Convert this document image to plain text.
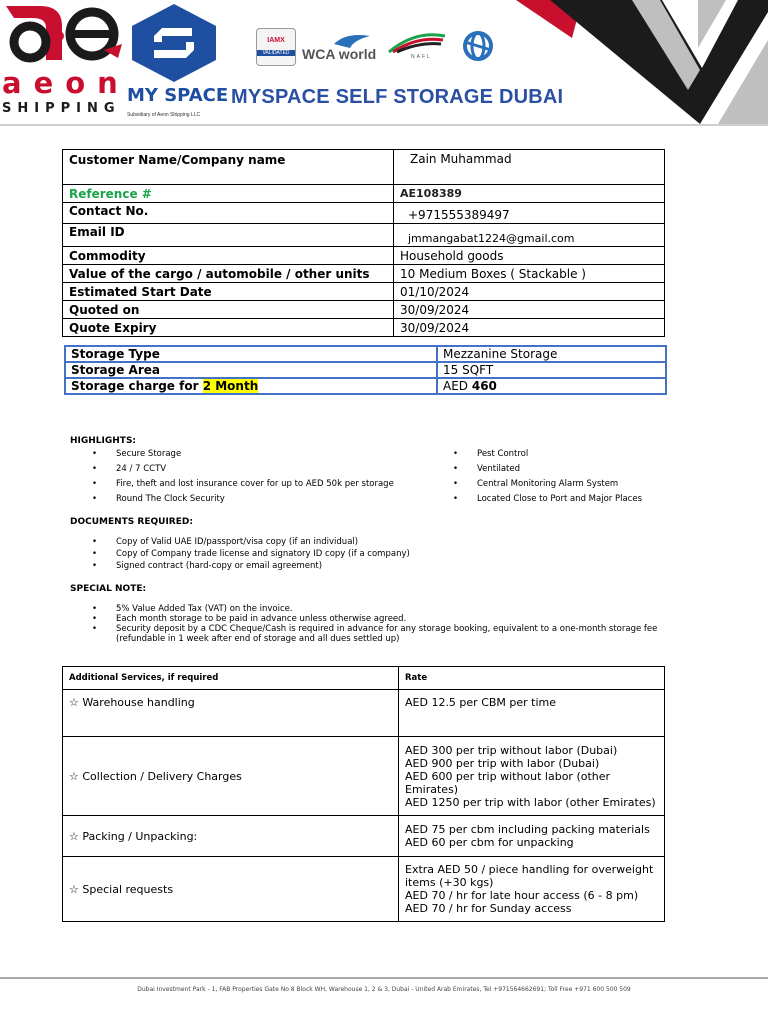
aeon
SHIPPING
MY SPACE
Subsidiary of Aeon Shipping LLC
IAMX
VALIDATED WCA world	NAFL
MYSPACE SELF STORAGE DUBAI
Customer Name/Company name	Zain Muhammad
Reference #	AE108389
Contact No.	+971555389497
Email ID	jmmangabat1224@gmail.com
Commodity	Household goods
Value of the cargo / automobile / other units	10 Medium Boxes ( Stackable )
Estimated Start Date	01/10/2024
Quoted on	30/09/2024
Quote Expiry	30/09/2024
Storage Type	Mezzanine Storage
Storage Area	15 SQFT
Storage charge for 2 Month	AED 460
HIGHLIGHTS:
• Secure Storage
• 24 / 7 CCTV
• Fire, theft and lost insurance cover for up to AED 50k per storage
• Round The Clock Security
• Pest Control
• Ventilated
• Central Monitoring Alarm System
• Located Close to Port and Major Places
DOCUMENTS REQUIRED:
• Copy of Valid UAE ID/passport/visa copy (if an individual)
• Copy of Company trade license and signatory ID copy (if a company)
• Signed contract (hard-copy or email agreement)
SPECIAL NOTE:
• 5% Value Added Tax (VAT) on the invoice.
• Each month storage to be paid in advance unless otherwise agreed.
•	Security deposit by a CDC Cheque/Cash is required in advance for any storage booking, equivalent to a one-month storage fee (refundable in 1 week after end of storage and all dues settled up)
Additional Services, if required	Rate
☆ Warehouse handling	AED 12.5 per CBM per time

☆ Collection / Delivery Charges	AED 300 per trip without labor (Dubai)
AED 900 per trip with labor (Dubai)
AED 600 per trip without labor (other Emirates)
AED 1250 per trip with labor (other Emirates)

☆ Packing / Unpacking:	AED 75 per cbm including packing materials
AED 60 per cbm for unpacking

☆ Special requests	Extra AED 50 / piece handling for overweight items (+30 kgs)
AED 70 / hr for late hour access (6 - 8 pm)
AED 70 / hr for Sunday access
Dubai Investment Park - 1, FAB Properties Gate No 8 Block WH, Warehouse 1, 2 & 3, Dubai - United Arab Emirates, Tel +971564662691; Toll Free +971 600 500 509
